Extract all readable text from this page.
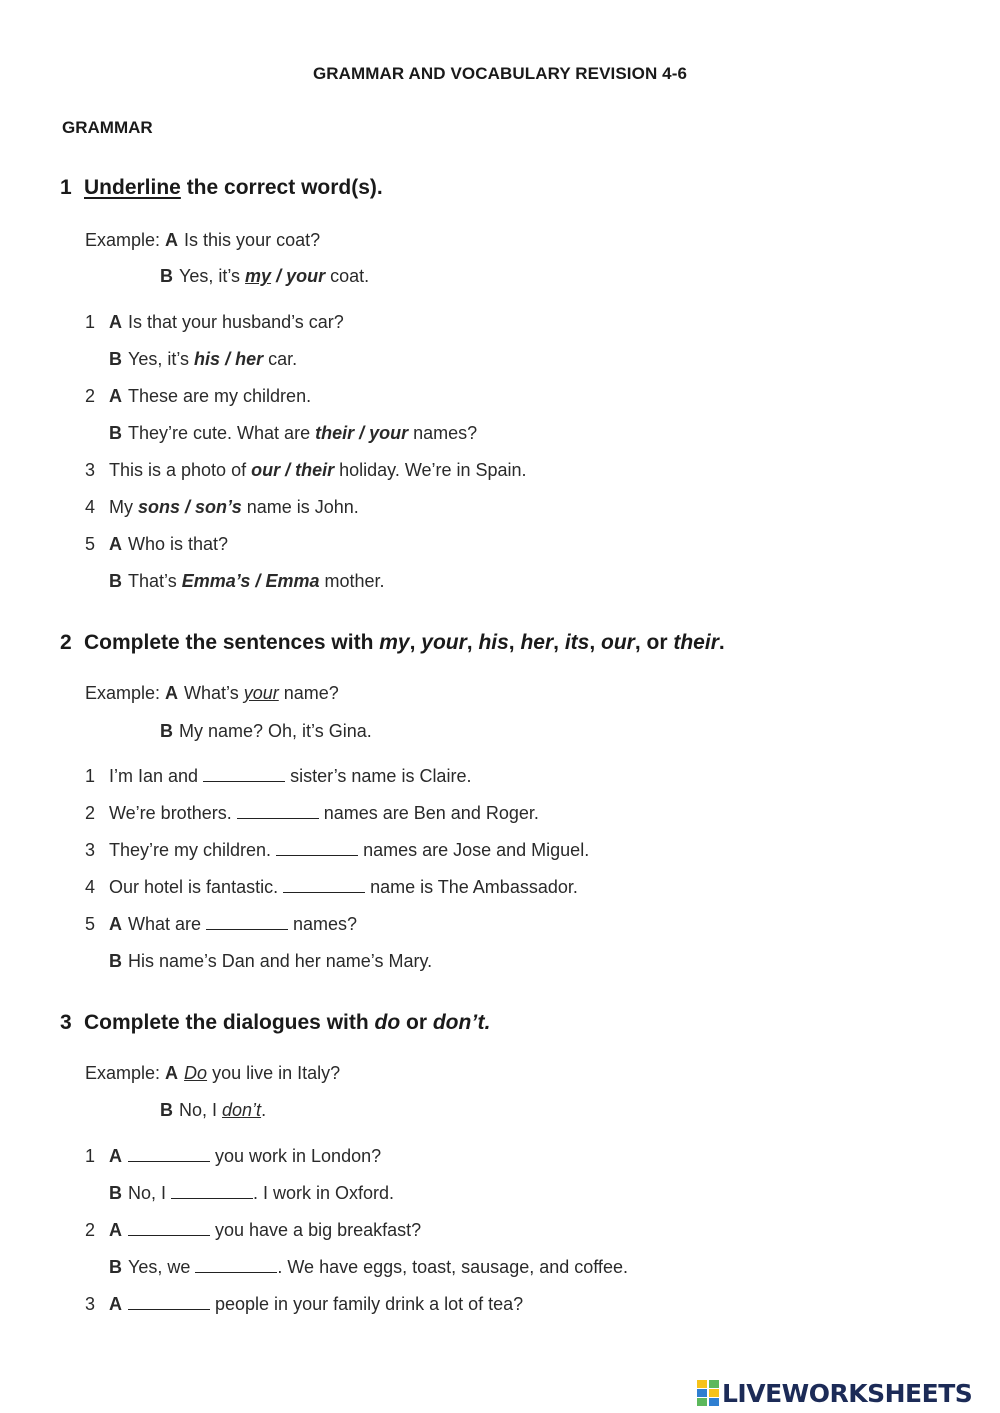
GRAMMAR AND VOCABULARY REVISION 4-6
GRAMMAR
1 Underline the correct word(s).
Example: A Is this your coat?
B Yes, it’s my / your coat.
1 A Is that your husband’s car?
B Yes, it’s his / her car.
2 A These are my children.
B They’re cute. What are their / your names?
3 This is a photo of our / their holiday. We’re in Spain.
4 My sons / son’s name is John.
5 A Who is that?
B That’s Emma’s / Emma mother.
2 Complete the sentences with my, your, his, her, its, our, or their.
Example: A What’s your name?
B My name? Oh, it’s Gina.
1 I’m Ian and	sister’s name is Claire.
2 We’re brothers.	names are Ben and Roger.
3 They’re my children.	names are Jose and Miguel.
4 Our hotel is fantastic.	name is The Ambassador.
5 A What are	names?
B His name’s Dan and her name’s Mary.
3 Complete the dialogues with do or don’t.
Example: A Do you live in Italy?
B No, I don’t.
1 A	you work in London?
B No, I	. I work in Oxford.
2 A	you have a big breakfast?
B Yes, we	. We have eggs, toast, sausage, and coffee.
3 A	people in your family drink a lot of tea?
LIVEWORKSHEETS
